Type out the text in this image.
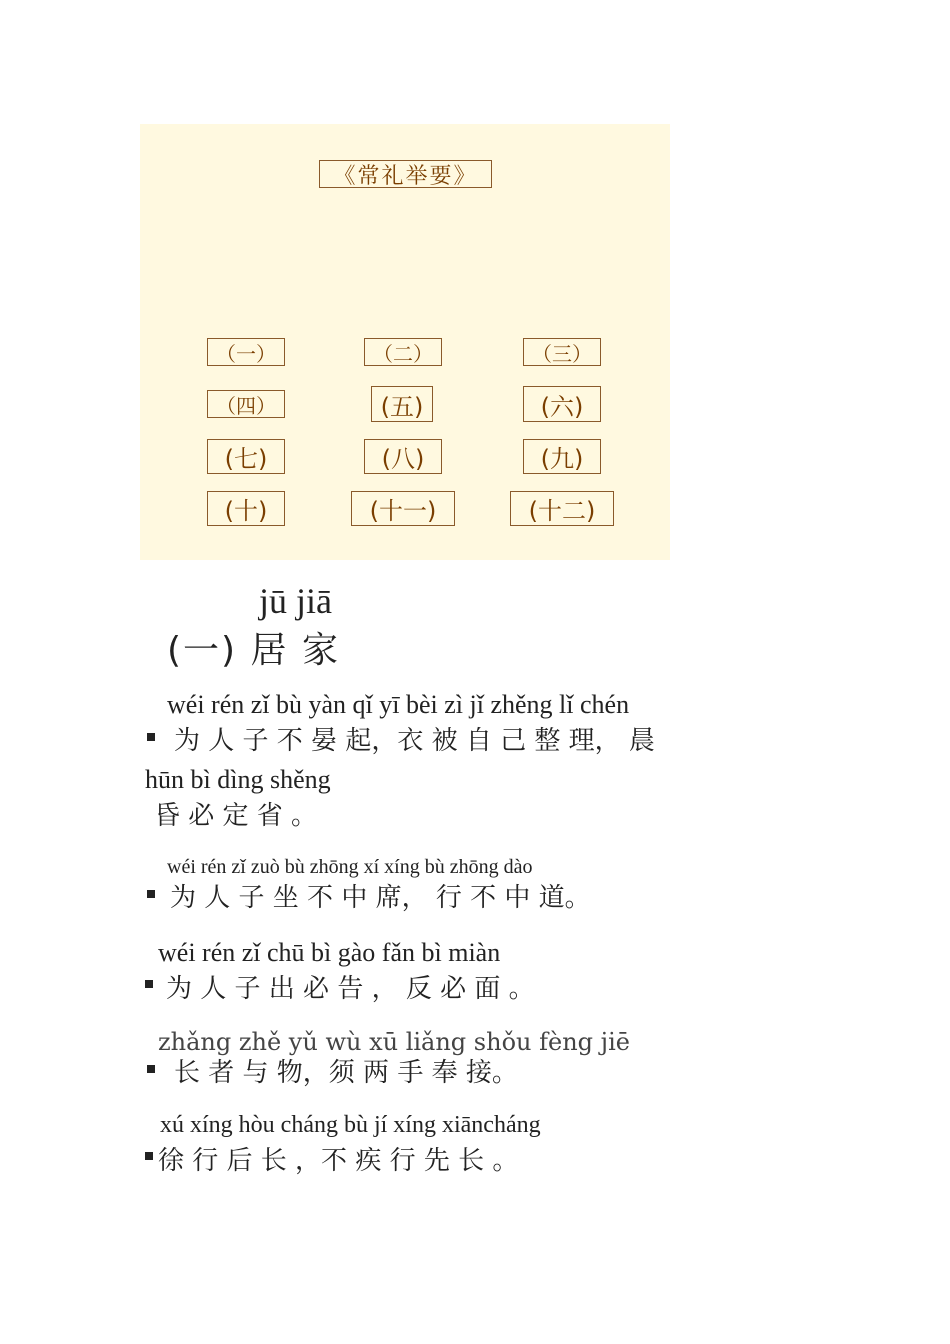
《常礼举要》
（一）	（二）	（三）
（四）	(五)	(六)
(七)	(八)	(九)
(十)	(十一)	(十二)
jū jiā
(一) 居 家
wéi rén zǐ bù yàn qǐ yī bèi zì jǐ zhěng lǐ chén
为 人 子 不 晏 起，衣 被 自 己 整 理， 晨
hūn bì dìng shěng
昏 必 定 省 。
wéi rén zǐ zuò bù zhōng xí xíng bù zhōng dào
为 人 子 坐 不 中 席， 行 不 中 道。
wéi rén zǐ chū bì gào fǎn bì miàn
为 人 子 出 必 告 ， 反 必 面 。
zhǎng zhě yǔ wù xū liǎng shǒu fèng jiē
长 者 与 物，须 两 手 奉 接。
xú xíng hòu cháng bù jí xíng xiāncháng
徐 行 后 长 ，不 疾 行 先 长 。
